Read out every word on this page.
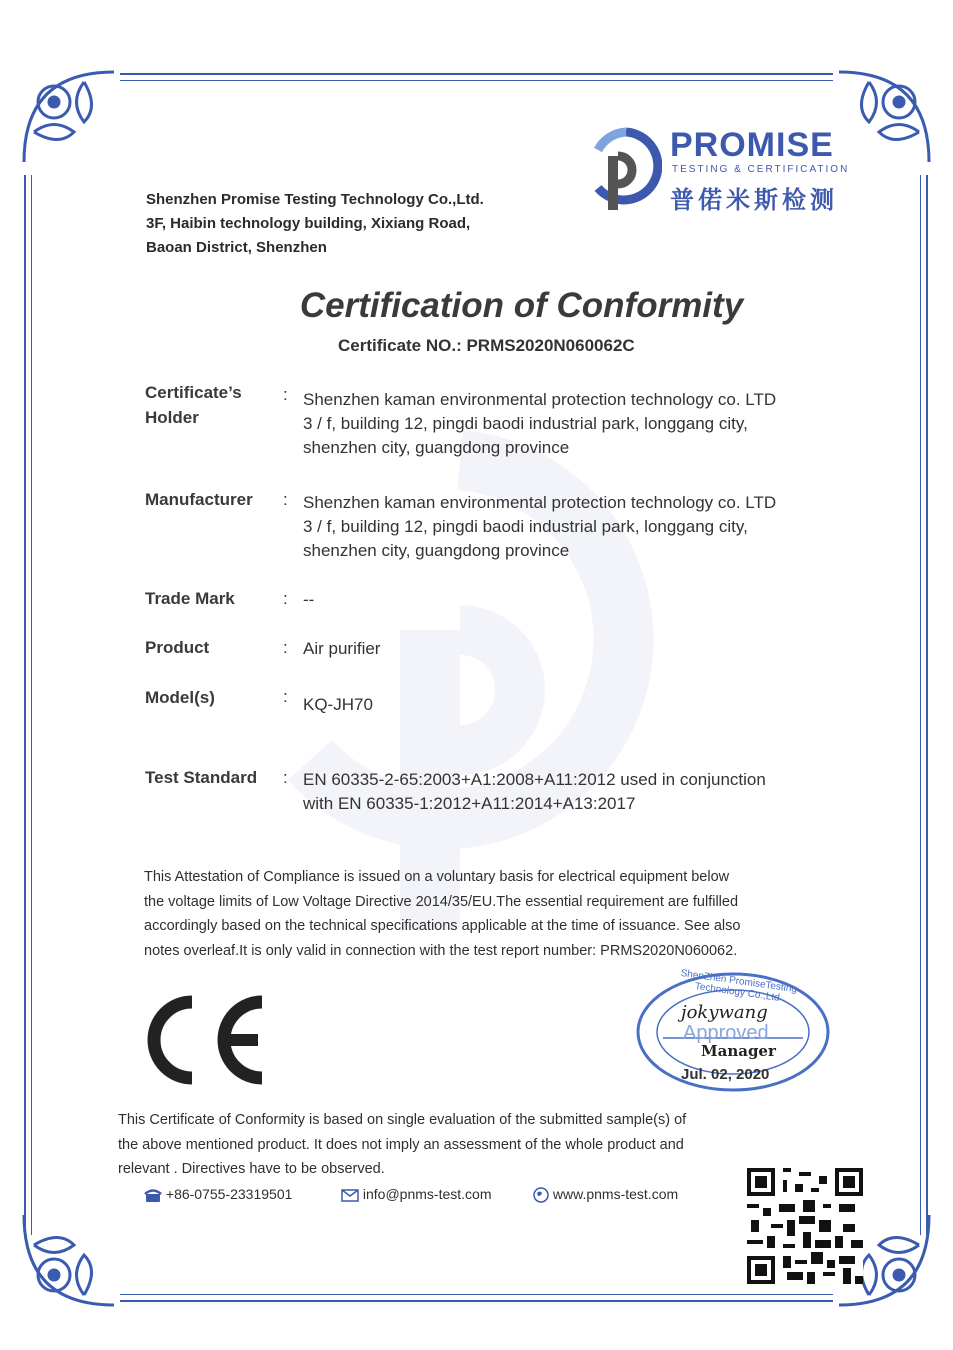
Shenzhen Promise Testing Technology Co.,Ltd.
3F, Haibin technology building, Xixiang Road,
Baoan District, Shenzhen
PROMISE
TESTING & CERTIFICATION
普偌米斯检测
Certification of Conformity
Certificate NO.: PRMS2020N060062C
Certificate’s
Holder
: Shenzhen kaman environmental protection technology co. LTD
3 / f, building 12, pingdi baodi industrial park, longgang city,
shenzhen city, guangdong province
Manufacturer : Shenzhen kaman environmental protection technology co. LTD
3 / f, building 12, pingdi baodi industrial park, longgang city,
shenzhen city, guangdong province
Trade Mark	: --
Product	: Air purifier
Model(s)	: KQ-JH70
Test Standard : EN 60335-2-65:2003+A1:2008+A11:2012 used in conjunction
with EN 60335-1:2012+A11:2014+A13:2017
This Attestation of Compliance is issued on a voluntary basis for electrical equipment below
the voltage limits of Low Voltage Directive 2014/35/EU.The essential requirement are fulfilled
accordingly based on the technical specifications applicable at the time of issuance. See also
notes overleaf.It is only valid in connection with the test report number: PRMS2020N060062.
ShenZhen PromiseTesting Technology Co.,Ltd
jokywang
Approved
Manager
Jul. 02, 2020
This Certificate of Conformity is based on single evaluation of the submitted sample(s) of
the above mentioned product. It does not imply an assessment of the whole product and
relevant . Directives have to be observed.
+86-0755-23319501	info@pnms-test.com	www.pnms-test.com
